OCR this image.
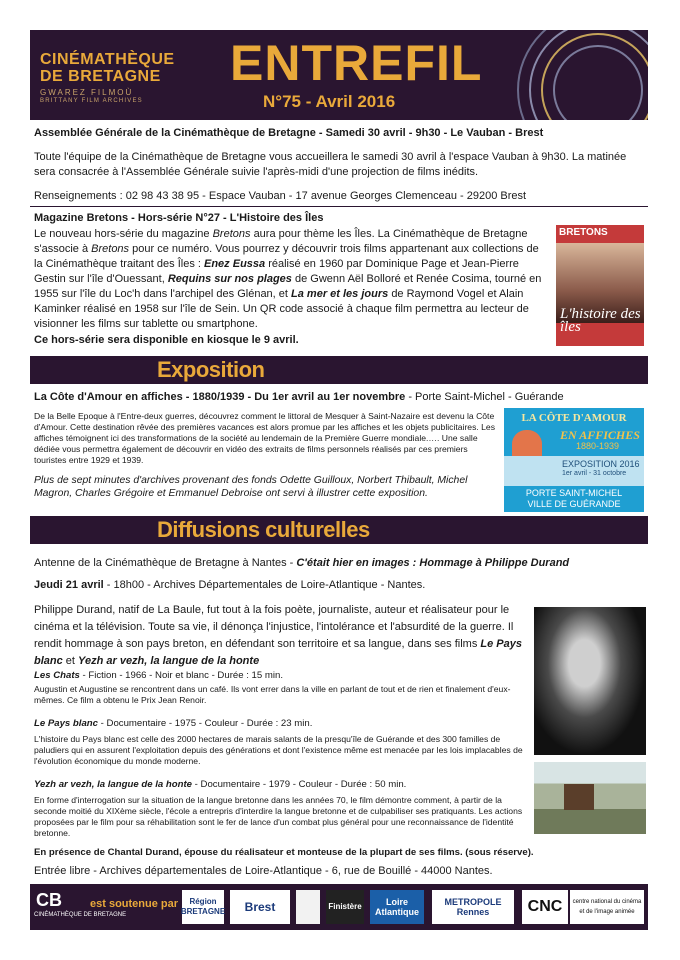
CINÉMATHÈQUE
DE BRETAGNE
GWAREZ FILMOÙ
BRITTANY FILM ARCHIVES
ENTREFIL
N°75 - Avril 2016
Assemblée Générale de la Cinémathèque de Bretagne - Samedi 30 avril - 9h30 - Le Vauban - Brest
Toute l'équipe de la Cinémathèque de Bretagne vous accueillera le samedi 30 avril à l'espace Vauban à 9h30. La matinée sera consacrée à l'Assemblée Générale suivie l'après-midi d'une projection de films inédits.
Renseignements : 02 98 43 38 95 - Espace Vauban - 17 avenue Georges Clemenceau - 29200 Brest
Magazine Bretons - Hors-série N°27 - L'Histoire des Îles
Le nouveau hors-série du magazine Bretons aura pour thème les Îles. La Cinémathèque de Bretagne s'associe à Bretons pour ce numéro. Vous pourrez y découvrir trois films appartenant aux collections de la Cinémathèque traitant des Îles : Enez Eussa réalisé en 1960 par Dominique Page et Jean-Pierre Gestin sur l'île d'Ouessant, Requins sur nos plages de Gwenn Aël Bolloré et Renée Cosima, tourné en 1955 sur l'île du Loc'h dans l'archipel des Glénan, et La mer et les jours de Raymond Vogel et Alain Kaminker réalisé en 1958 sur l'île de Sein. Un QR code associé à chaque film permettra au lecteur de visionner les films sur tablette ou smartphone.
Ce hors-série sera disponible en kiosque le 9 avril.
BRETONS
L'histoire des îles
Exposition
La Côte d'Amour en affiches - 1880/1939 - Du 1er avril au 1er novembre - Porte Saint-Michel - Guérande
De la Belle Epoque à l'Entre-deux guerres, découvrez comment le littoral de Mesquer à Saint-Nazaire est devenu la Côte d'Amour. Cette destination rêvée des premières vacances est alors promue par les affiches et les objets publicitaires. Les affiches témoignent ici des transformations de la société au lendemain de la Première Guerre mondiale.…. Une salle dédiée vous permettra également de découvrir en vidéo des extraits de films personnels réalisés par ces premiers touristes entre 1929 et 1939.
Plus de sept minutes d'archives provenant des fonds Odette Guilloux, Norbert Thibault, Michel Magron, Charles Grégoire et Emmanuel Debroise ont servi à illustrer cette exposition.
LA CÔTE D'AMOUR
EN AFFICHES
1880-1939
EXPOSITION 2016
1er avril - 31 octobre
PORTE SAINT-MICHEL
VILLE DE GUÉRANDE
Diffusions culturelles
Antenne de la Cinémathèque de Bretagne à Nantes - C'était hier en images : Hommage à Philippe Durand
Jeudi 21 avril - 18h00 - Archives Départementales de Loire-Atlantique - Nantes.
Philippe Durand, natif de La Baule, fut tout à la fois poète, journaliste, auteur et réalisateur pour le cinéma et la télévision. Toute sa vie, il dénonça l'injustice, l'intolérance et l'absurdité de la guerre. Il rendit hommage à son pays breton, en défendant son territoire et sa langue, dans ses films Le Pays blanc et Yezh ar vezh, la langue de la honte
Les Chats - Fiction - 1966 - Noir et blanc - Durée : 15 min.
Augustin et Augustine se rencontrent dans un café. Ils vont errer dans la ville en parlant de tout et de rien et finalement d'eux-mêmes. Ce film a obtenu le Prix Jean Renoir.
Le Pays blanc - Documentaire - 1975 - Couleur - Durée : 23 min.
L'histoire du Pays blanc est celle des 2000 hectares de marais salants de la presqu'île de Guérande et des 300 familles de paludiers qui en assurent l'exploitation depuis des générations et dont l'existence même est menacée par les lois implacables de l'évolution économique du monde moderne.
Yezh ar vezh, la langue de la honte - Documentaire - 1979 - Couleur - Durée : 50 min.
En forme d'interrogation sur la situation de la langue bretonne dans les années 70, le film démontre comment, à partir de la seconde moitié du XIXème siècle, l'école a entrepris d'interdire la langue bretonne et de culpabiliser ses pratiquants. Les actions proposées par le film pour sa réhabilitation sont le fer de lance d'un combat plus général pour une reconnaissance de l'identité bretonne.
En présence de Chantal Durand, épouse du réalisateur et monteuse de la plupart de ses films. (sous réserve).
Entrée libre - Archives départementales de Loire-Atlantique - 6, rue de Bouillé - 44000 Nantes.
CB
CINÉMATHÈQUE DE BRETAGNE
est soutenue par	Région BRETAGNE	Brest	Finistère	Loire Atlantique
METROPOLE Rennes	CNC	centre national du cinéma et de l'image animée
